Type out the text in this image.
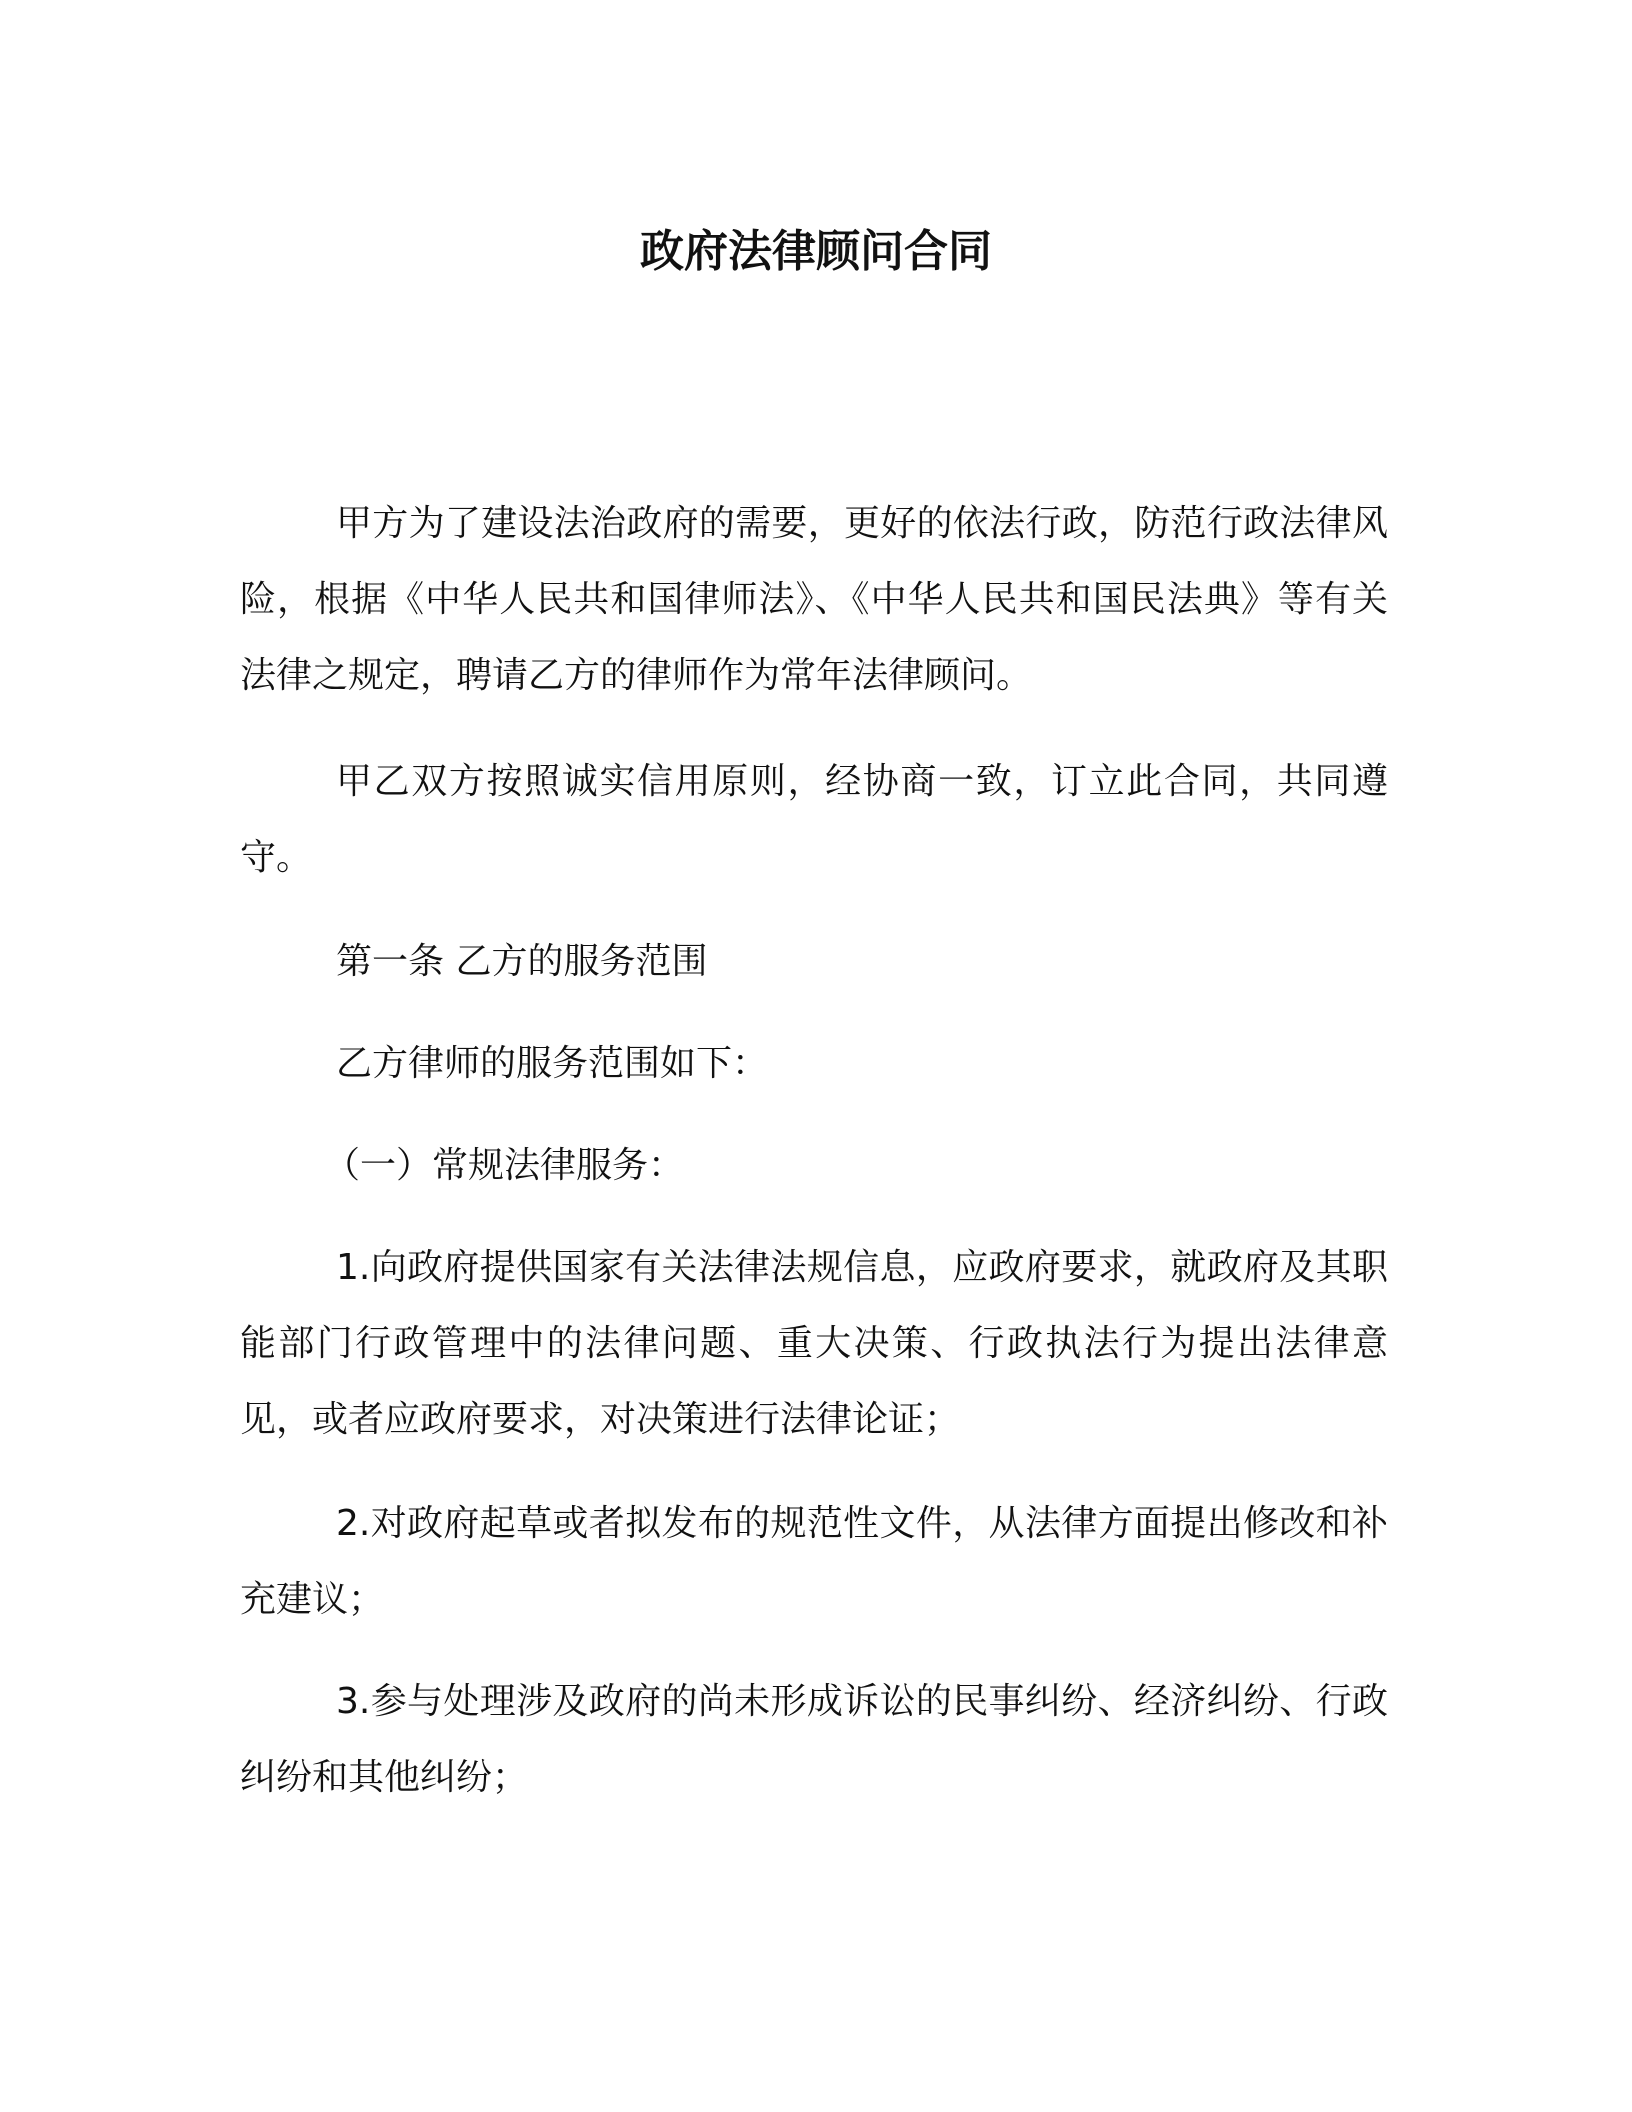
政府法律顾问合同

甲方为了建设法治政府的需要，更好的依法行政，防范行政法律风险，根据《中华人民共和国律师法》、《中华人民共和国民法典》等有关法律之规定，聘请乙方的律师作为常年法律顾问。

甲乙双方按照诚实信用原则，经协商一致，订立此合同，共同遵守。

第一条 乙方的服务范围

乙方律师的服务范围如下：

（一）常规法律服务：

1.向政府提供国家有关法律法规信息，应政府要求，就政府及其职能部门行政管理中的法律问题、重大决策、行政执法行为提出法律意见，或者应政府要求，对决策进行法律论证；

2.对政府起草或者拟发布的规范性文件，从法律方面提出修改和补充建议；

3.参与处理涉及政府的尚未形成诉讼的民事纠纷、经济纠纷、行政纠纷和其他纠纷；
